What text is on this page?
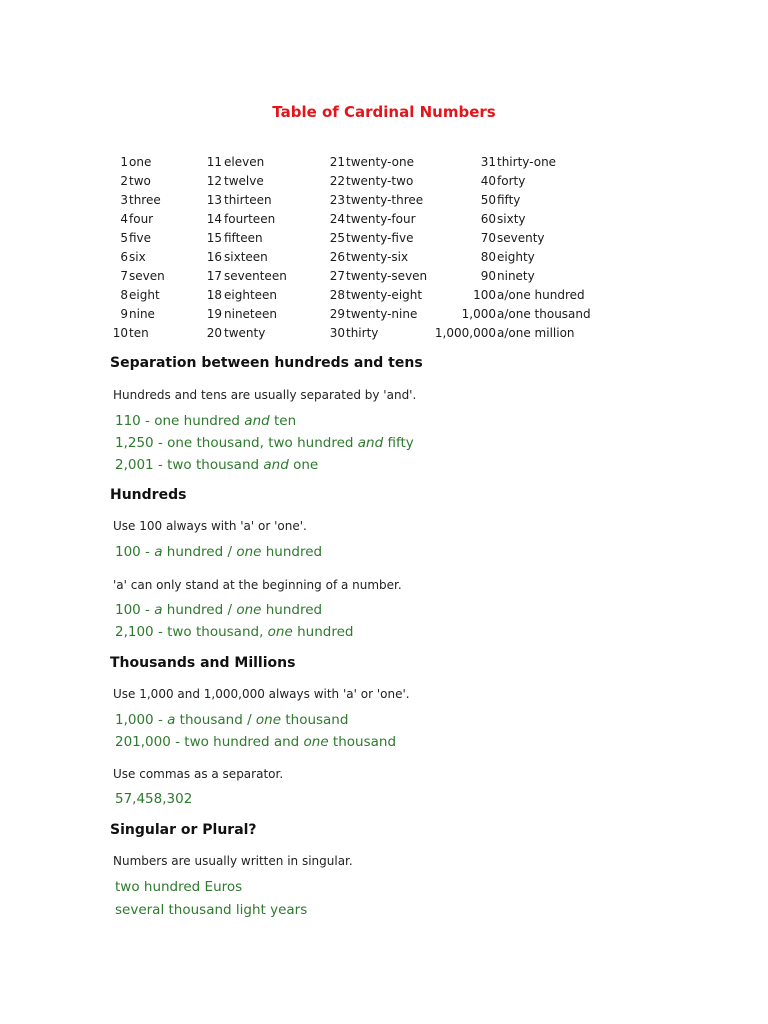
Table of Cardinal Numbers
1 one	11 eleven	21 twenty-one	31 thirty-one
2 two	12 twelve	22 twenty-two	40 forty
3 three	13 thirteen	23 twenty-three	50 fifty
4 four	14 fourteen	24 twenty-four	60 sixty
5 five	15 fifteen	25 twenty-five	70 seventy
6 six	16 sixteen	26 twenty-six	80 eighty
7 seven	17 seventeen	27 twenty-seven	90 ninety
8 eight	18 eighteen	28 twenty-eight	100 a/one hundred
9 nine	19 nineteen	29 twenty-nine	1,000 a/one thousand
10 ten	20 twenty	30 thirty	1,000,000 a/one million
Separation between hundreds and tens

Hundreds and tens are usually separated by 'and'.

110 - one hundred and ten

1,250 - one thousand, two hundred and fifty

2,001 - two thousand and one

Hundreds

Use 100 always with 'a' or 'one'.

100 - a hundred / one hundred

'a' can only stand at the beginning of a number.

100 - a hundred / one hundred

2,100 - two thousand, one hundred

Thousands and Millions

Use 1,000 and 1,000,000 always with 'a' or 'one'.

1,000 - a thousand / one thousand

201,000 - two hundred and one thousand

Use commas as a separator.

57,458,302

Singular or Plural?

Numbers are usually written in singular.

two hundred Euros

several thousand light years
